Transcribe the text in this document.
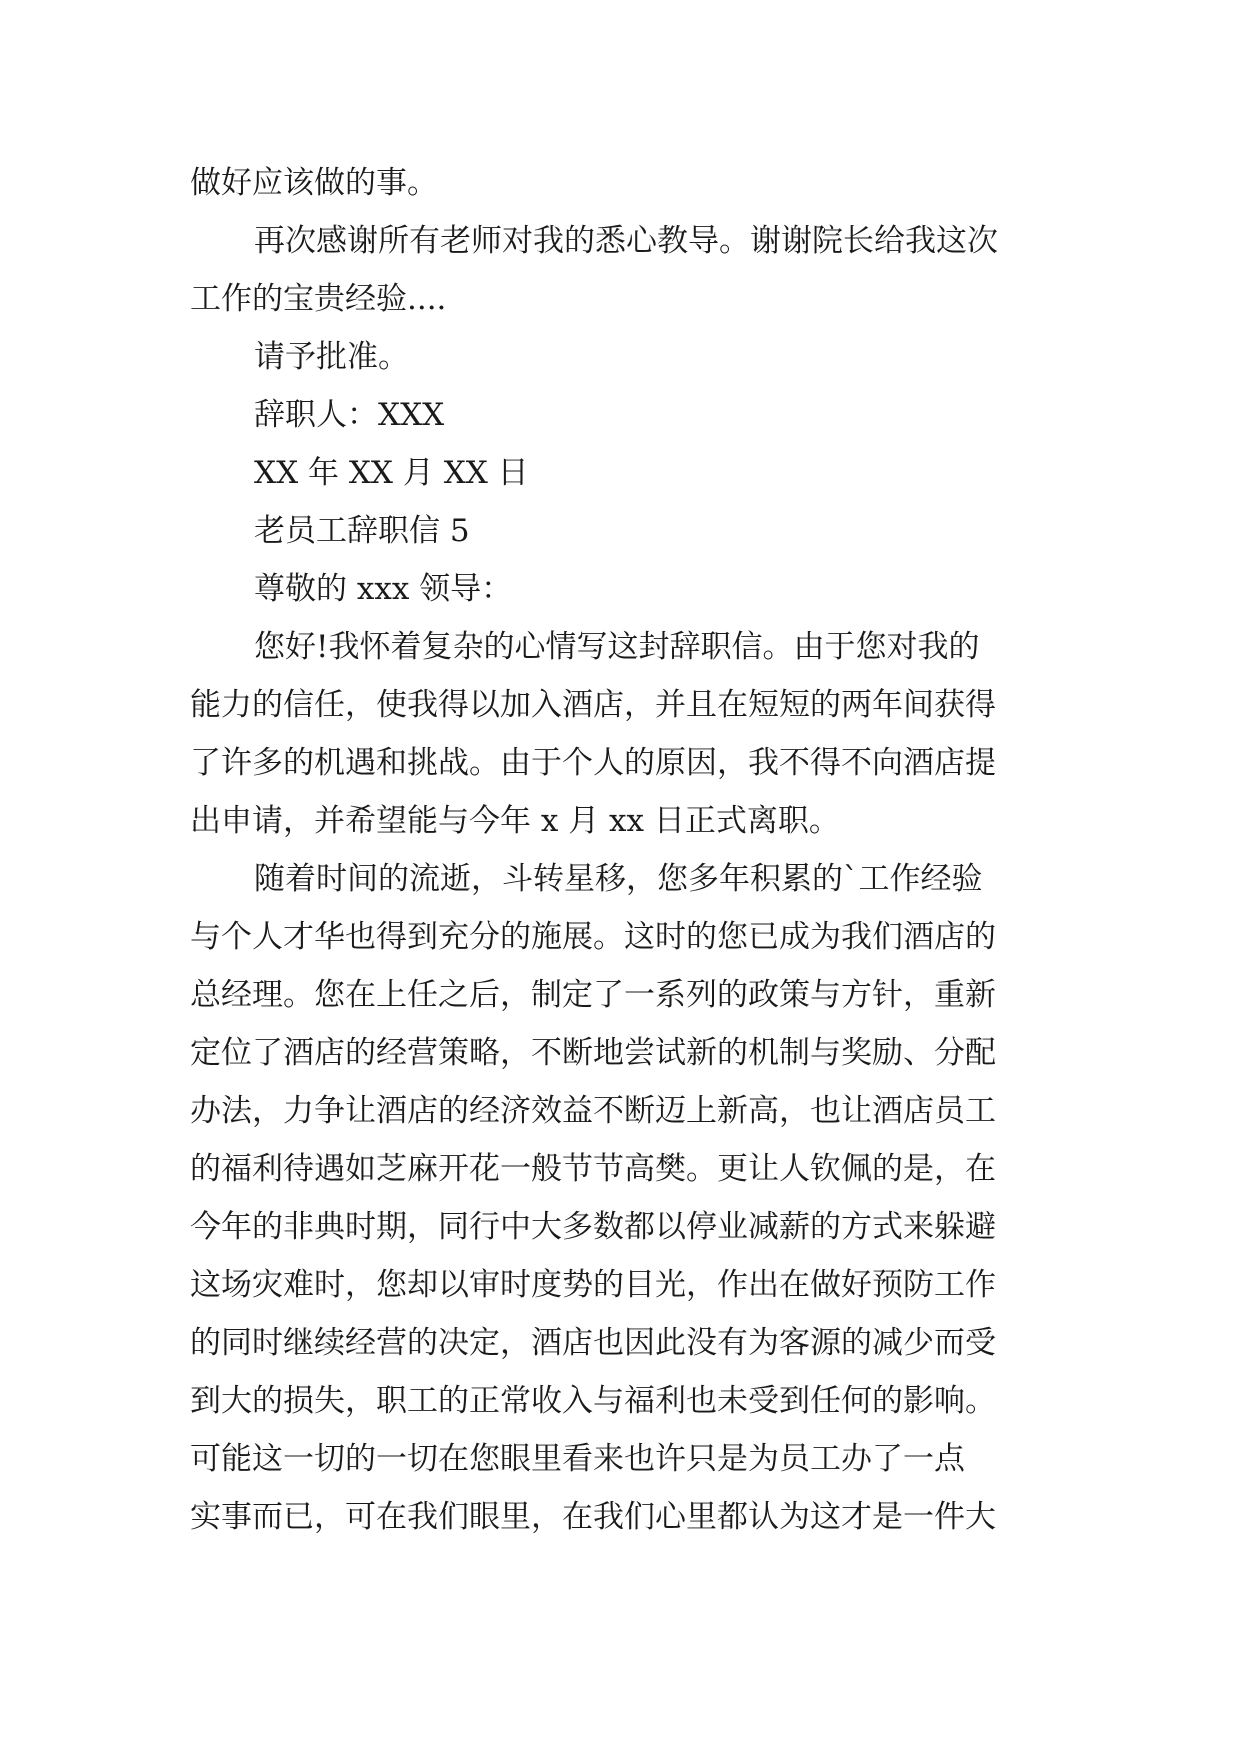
做好应该做的事。
再次感谢所有老师对我的悉心教导。谢谢院长给我这次
工作的宝贵经验....
请予批准。
辞职人：XXX
XX 年 XX 月 XX 日
老员工辞职信 5
尊敬的 xxx 领导：
您好!我怀着复杂的心情写这封辞职信。由于您对我的
能力的信任，使我得以加入酒店，并且在短短的两年间获得
了许多的机遇和挑战。由于个人的原因，我不得不向酒店提
出申请，并希望能与今年 x 月 xx 日正式离职。
随着时间的流逝，斗转星移，您多年积累的`工作经验
与个人才华也得到充分的施展。这时的您已成为我们酒店的
总经理。您在上任之后，制定了一系列的政策与方针，重新
定位了酒店的经营策略，不断地尝试新的机制与奖励、分配
办法，力争让酒店的经济效益不断迈上新高，也让酒店员工
的福利待遇如芝麻开花一般节节高樊。更让人钦佩的是，在
今年的非典时期，同行中大多数都以停业减薪的方式来躲避
这场灾难时，您却以审时度势的目光，作出在做好预防工作
的同时继续经营的决定，酒店也因此没有为客源的减少而受
到大的损失，职工的正常收入与福利也未受到任何的影响。
可能这一切的一切在您眼里看来也许只是为员工办了一点
实事而已，可在我们眼里，在我们心里都认为这才是一件大
